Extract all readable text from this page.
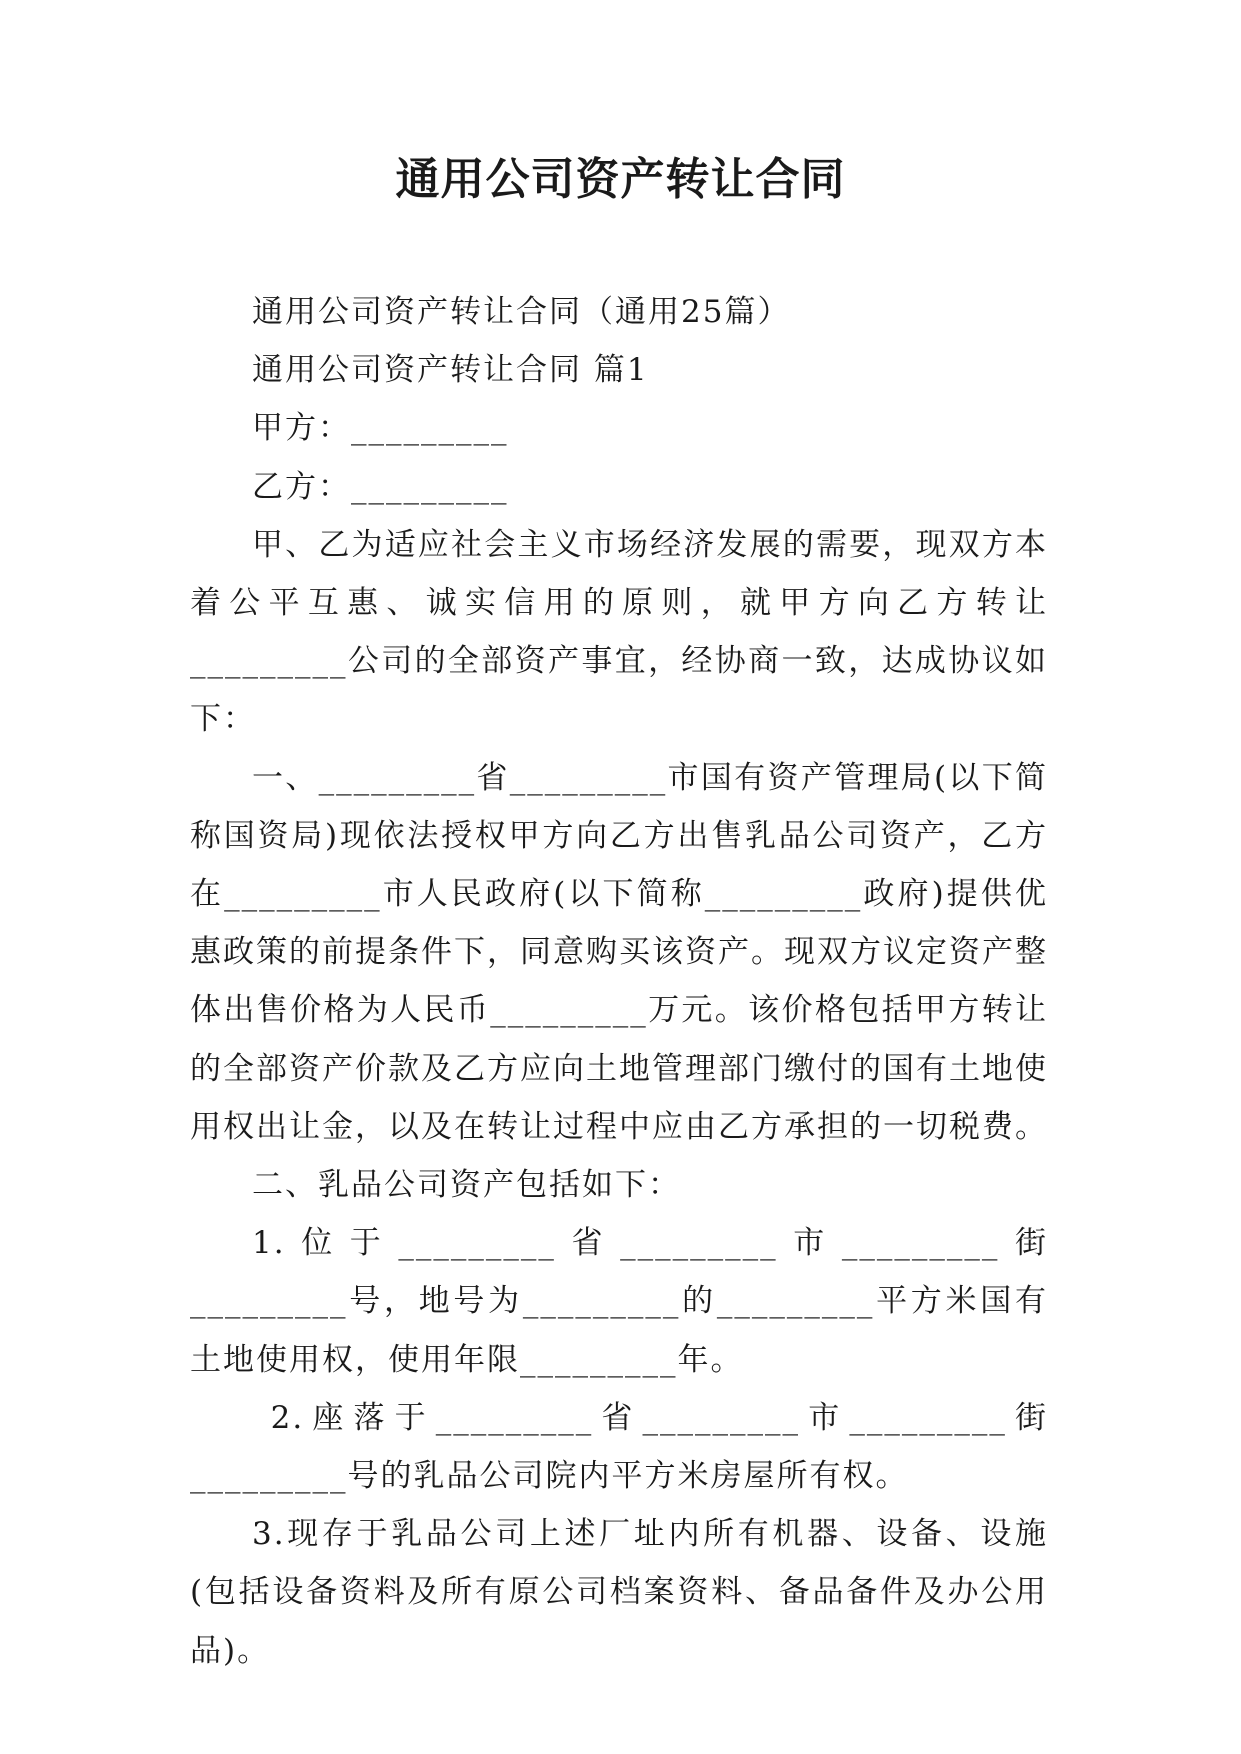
通用公司资产转让合同

通用公司资产转让合同（通用25篇）

通用公司资产转让合同 篇1

甲方：_________

乙方：_________

甲、乙为适应社会主义市场经济发展的需要，现双方本着公平互惠、诚实信用的原则，就甲方向乙方转让_________公司的全部资产事宜，经协商一致，达成协议如下：

一、_________省_________市国有资产管理局(以下简称国资局)现依法授权甲方向乙方出售乳品公司资产，乙方在_________市人民政府(以下简称_________政府)提供优惠政策的前提条件下，同意购买该资产。现双方议定资产整体出售价格为人民币_________万元。该价格包括甲方转让的全部资产价款及乙方应向土地管理部门缴付的国有土地使用权出让金，以及在转让过程中应由乙方承担的一切税费。

二、乳品公司资产包括如下：

1.位于_________省_________市_________街_________号，地号为_________的_________平方米国有土地使用权，使用年限_________年。

2.座落于_________省_________市_________街_________号的乳品公司院内平方米房屋所有权。

3.现存于乳品公司上述厂址内所有机器、设备、设施(包括设备资料及所有原公司档案资料、备品备件及办公用品)。
